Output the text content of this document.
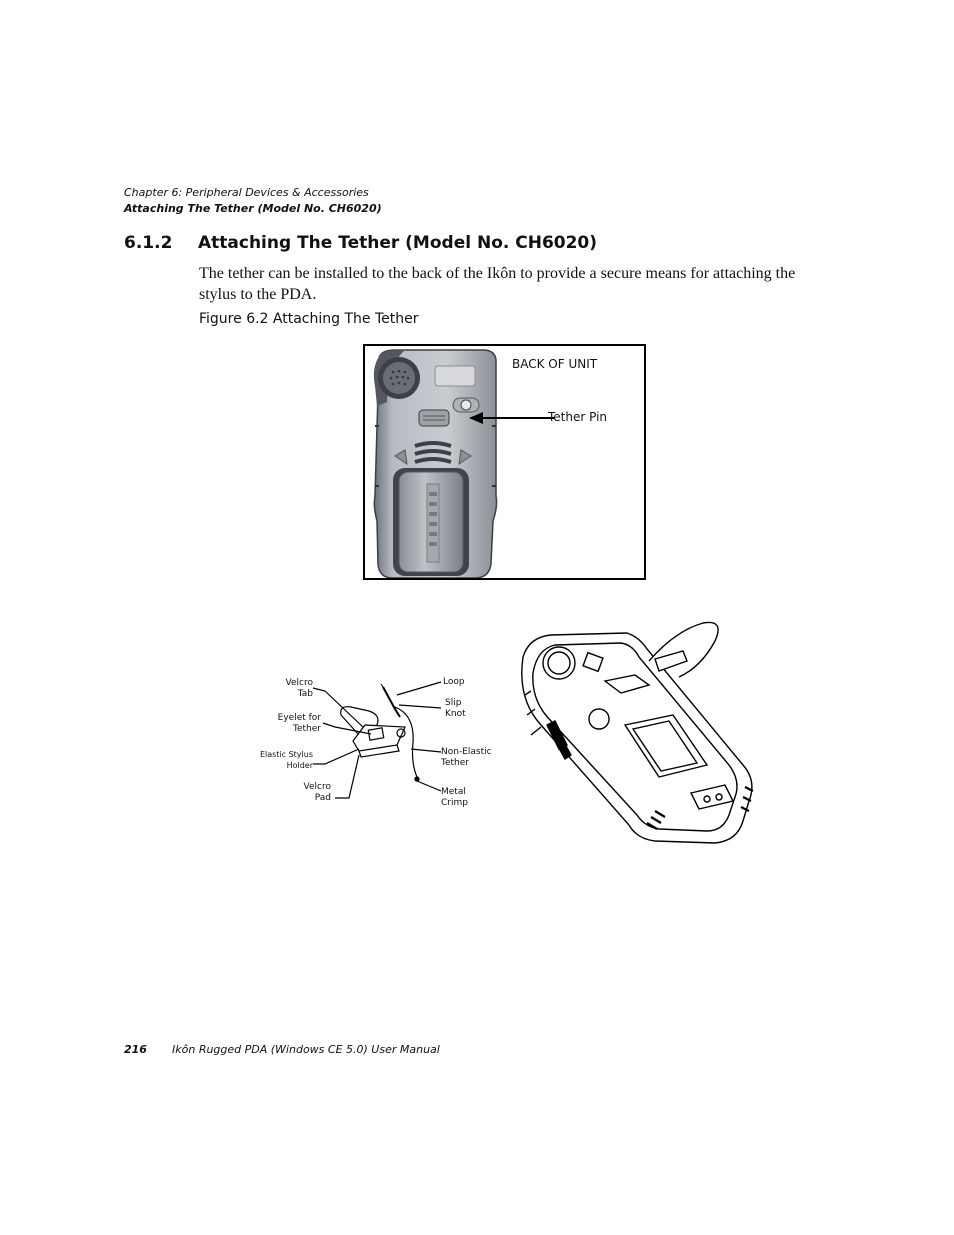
Chapter 6: Peripheral Devices & Accessories
Attaching The Tether (Model No. CH6020)
6.1.2 Attaching The Tether (Model No. CH6020)
The tether can be installed to the back of the Ikôn to provide a secure means for attaching the stylus to the PDA.
Figure 6.2 Attaching The Tether
BACK OF UNIT
Tether Pin
Velcro
Tab
Eyelet for
Tether
Elastic Stylus
Holder
Velcro
Pad
Loop
Slip
Knot
Non-Elastic
Tether
Metal
Crimp
216 Ikôn Rugged PDA (Windows CE 5.0) User Manual
